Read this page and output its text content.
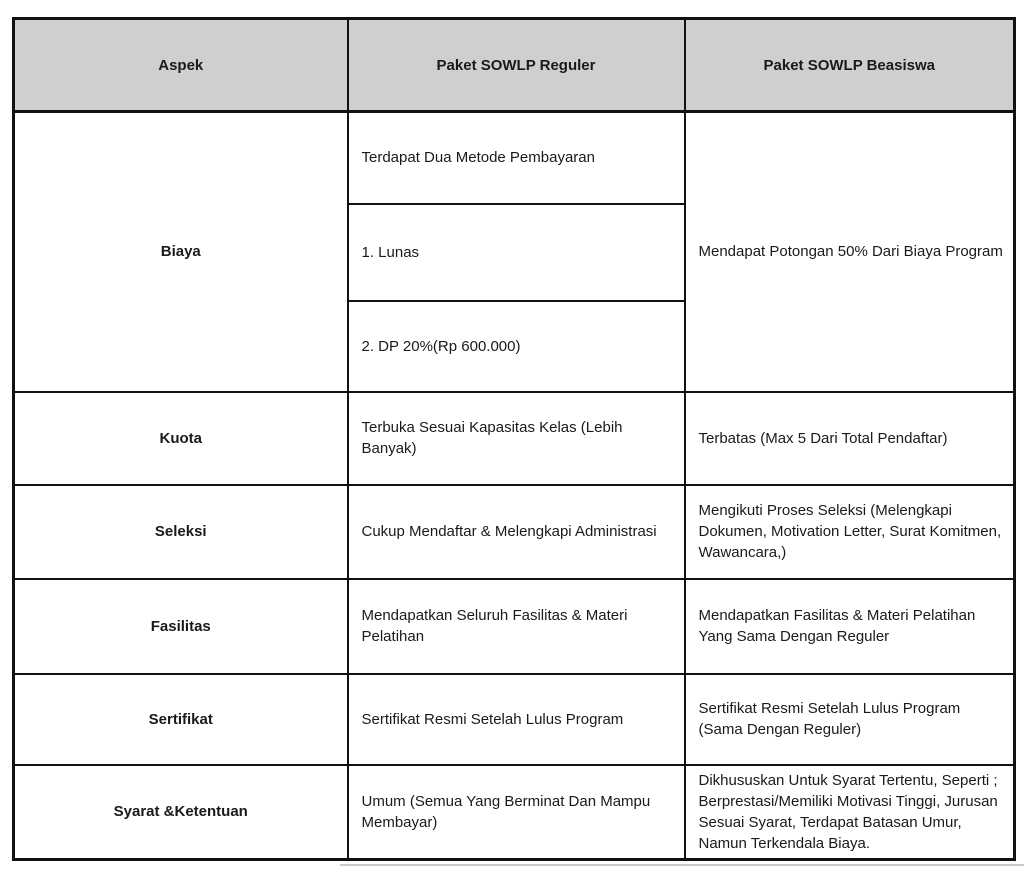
Aspek	Paket SOWLP Reguler	Paket SOWLP Beasiswa
Biaya	Terdapat Dua Metode Pembayaran	Mendapat Potongan 50% Dari Biaya Program
	1. Lunas	
	2. DP 20%(Rp 600.000)	
Kuota	Terbuka Sesuai Kapasitas Kelas (Lebih Banyak)	Terbatas (Max 5 Dari Total Pendaftar)
Seleksi	Cukup Mendaftar & Melengkapi Administrasi	Mengikuti Proses Seleksi (Melengkapi Dokumen, Motivation Letter, Surat Komitmen, Wawancara,)
Fasilitas	Mendapatkan Seluruh Fasilitas & Materi Pelatihan	Mendapatkan Fasilitas & Materi Pelatihan Yang Sama Dengan Reguler
Sertifikat	Sertifikat Resmi Setelah Lulus Program	Sertifikat Resmi Setelah Lulus Program (Sama Dengan Reguler)
Syarat &Ketentuan	Umum (Semua Yang Berminat Dan Mampu Membayar)	Dikhususkan Untuk Syarat Tertentu, Seperti ; Berprestasi/Memiliki Motivasi Tinggi, Jurusan Sesuai Syarat, Terdapat Batasan Umur, Namun Terkendala Biaya.
